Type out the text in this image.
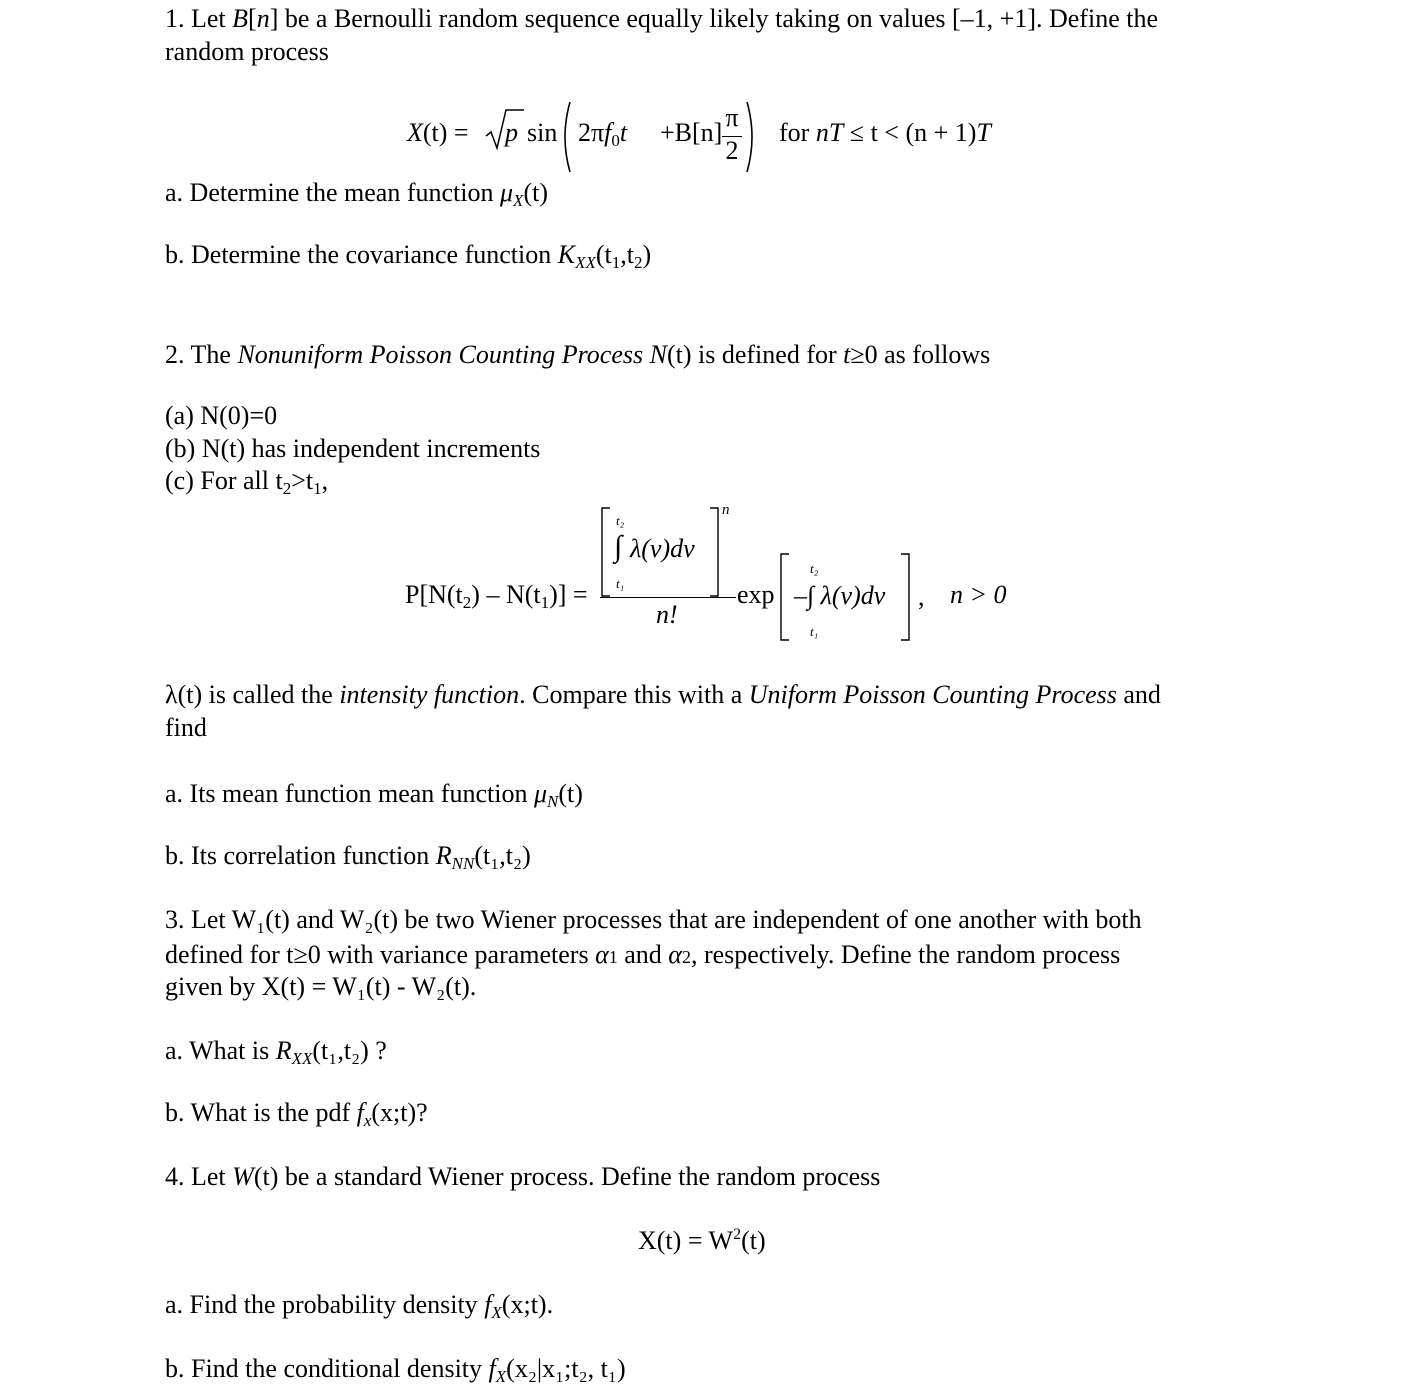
1. Let B[n] be a Bernoulli random sequence equally likely taking on values [–1, +1]. Define the
random process
X(t) = p $\sin 2\pi f_0t +B[n]$
π
2
for nT ≤ t < (n + 1)T
a. Determine the mean function $\mu_X(t)$
b. Determine the covariance function $K_{XX}(t_1,t_2)$
2. The Nonuniform Poisson Counting Process N(t) is defined for t≥0 as follows
(a) N(0)=0
(b) N(t) has independent increments
(c) For all $t_2>t_1$,
$P[N(t_2) - N(t_1)]$ =
t₂
∫ λ(v)dv
t₁
n
n!
exp
t₂
–∫ λ(v)dv
t₁
, n > 0
λ(t) is called the intensity function. Compare this with a Uniform Poisson Counting Process and
find
a. Its mean function mean function $\mu_N(t)$
b. Its correlation function $R_{NN}(t_1,t_2)$
3. Let W₁(t) and W₂(t) be two Wiener processes that are independent of one another with both
defined for t≥0 with variance parameters α1 and α2, respectively. Define the random process
given by X(t) = W₁(t) - W₂(t).
a. What is $R_{XX}(t_1,t_2)$ ?
b. What is the pdf $f_x(x;t)$?
4. Let W(t) be a standard Wiener process. Define the random process
$X(t) = W^2(t)$
a. Find the probability density $f_X(x;t)$.
b. Find the conditional density $f_X(x_2|x_1;t_2$, t₁)
